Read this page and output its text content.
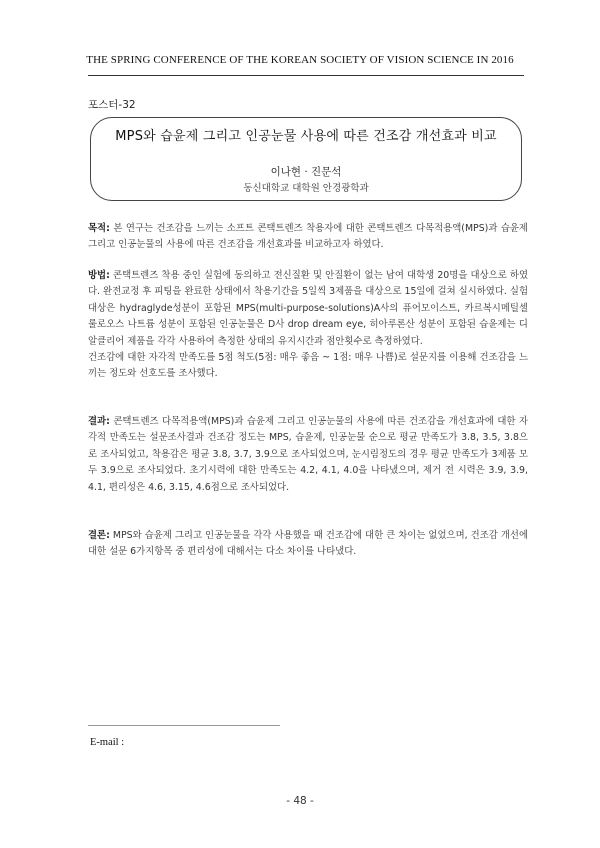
THE SPRING CONFERENCE OF THE KOREAN SOCIETY OF VISION SCIENCE IN 2016
포스터-32
MPS와 습윤제 그리고 인공눈물 사용에 따른 건조감 개선효과 비교
이나현 · 진문석
동신대학교 대학원 안경광학과
목적: 본 연구는 건조감을 느끼는 소프트 콘택트렌즈 착용자에 대한 콘택트렌즈 다목적용액(MPS)과 습윤제 그리고 인공눈물의 사용에 따른 건조감을 개선효과를 비교하고자 하였다.
방법: 콘택트렌즈 착용 중인 실험에 동의하고 전신질환 및 안질환이 없는 남여 대학생 20명을 대상으로 하였다. 완전교정 후 피팅을 완료한 상태에서 착용기간을 5일씩 3제품을 대상으로 15일에 걸쳐 실시하였다. 실험대상은 hydraglyde성분이 포함된 MPS(multi-purpose-solutions)A사의 퓨어모이스트, 카르복시메틸셀룰로오스 나트륨 성분이 포함된 인공눈물은 D사 drop dream eye, 히아루론산 성분이 포함된 습윤제는 디알클리어 제품을 각각 사용하여 측정한 상태의 유지시간과 점안횟수로 측정하였다.
건조감에 대한 자각적 만족도를 5점 척도(5점: 매우 좋음 ~ 1점: 매우 나쁨)로 설문지를 이용해 건조감을 느끼는 정도와 선호도를 조사했다.
결과: 콘택트렌즈 다목적용액(MPS)과 습윤제 그리고 인공눈물의 사용에 따른 건조감을 개선효과에 대한 자각적 만족도는 설문조사결과 건조감 정도는 MPS, 습윤제, 인공눈물 순으로 평균 만족도가 3.8, 3.5, 3.8으로 조사되었고, 착용감은 평균 3.8, 3.7, 3.9으로 조사되었으며, 눈시림정도의 경우 평균 만족도가 3제품 모두 3.9으로 조사되었다. 초기시력에 대한 만족도는 4.2, 4.1, 4.0을 나타냈으며, 제거 전 시력은 3.9, 3.9, 4.1, 편리성은 4.6, 3.15, 4.6점으로 조사되었다.
결론: MPS와 습윤제 그리고 인공눈물을 각각 사용했을 때 건조감에 대한 큰 차이는 없었으며, 건조감 개선에 대한 설문 6가지항목 중 편리성에 대해서는 다소 차이를 나타냈다.
E-mail :
- 48 -
